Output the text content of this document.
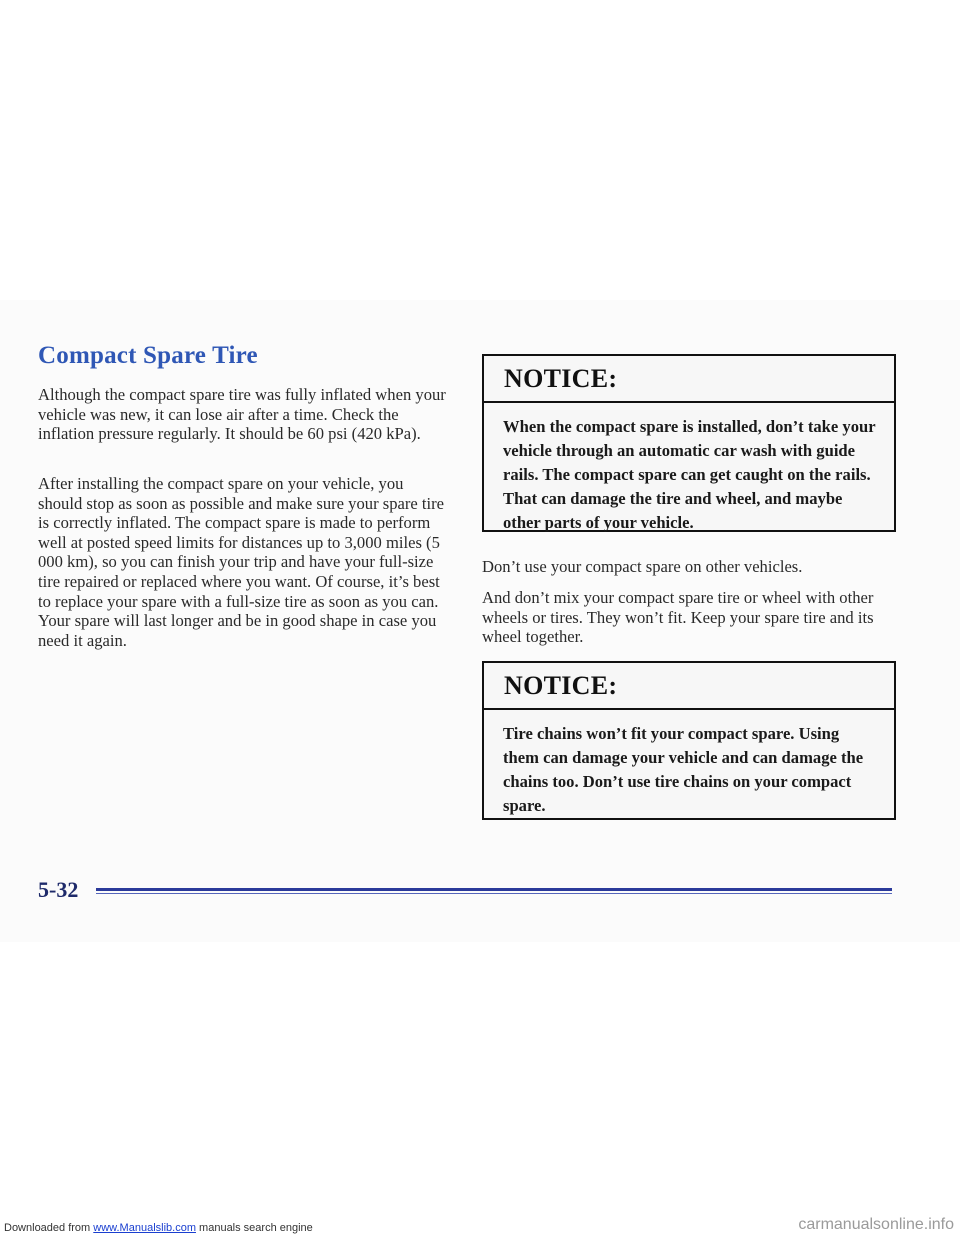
Compact Spare Tire

Although the compact spare tire was fully inflated when your vehicle was new, it can lose air after a time. Check the inflation pressure regularly. It should be 60 psi (420 kPa).

After installing the compact spare on your vehicle, you should stop as soon as possible and make sure your spare tire is correctly inflated. The compact spare is made to perform well at posted speed limits for distances up to 3,000 miles (5 000 km), so you can finish your trip and have your full-size tire repaired or replaced where you want. Of course, it’s best to replace your spare with a full-size tire as soon as you can. Your spare will last longer and be in good shape in case you need it again.

NOTICE:

When the compact spare is installed, don’t take your vehicle through an automatic car wash with guide rails. The compact spare can get caught on the rails. That can damage the tire and wheel, and maybe other parts of your vehicle.

Don’t use your compact spare on other vehicles.

And don’t mix your compact spare tire or wheel with other wheels or tires. They won’t fit. Keep your spare tire and its wheel together.

NOTICE:

Tire chains won’t fit your compact spare. Using them can damage your vehicle and can damage the chains too. Don’t use tire chains on your compact spare.

5-32

Downloaded from www.Manualslib.com manuals search engine	carmanualsonline.info
